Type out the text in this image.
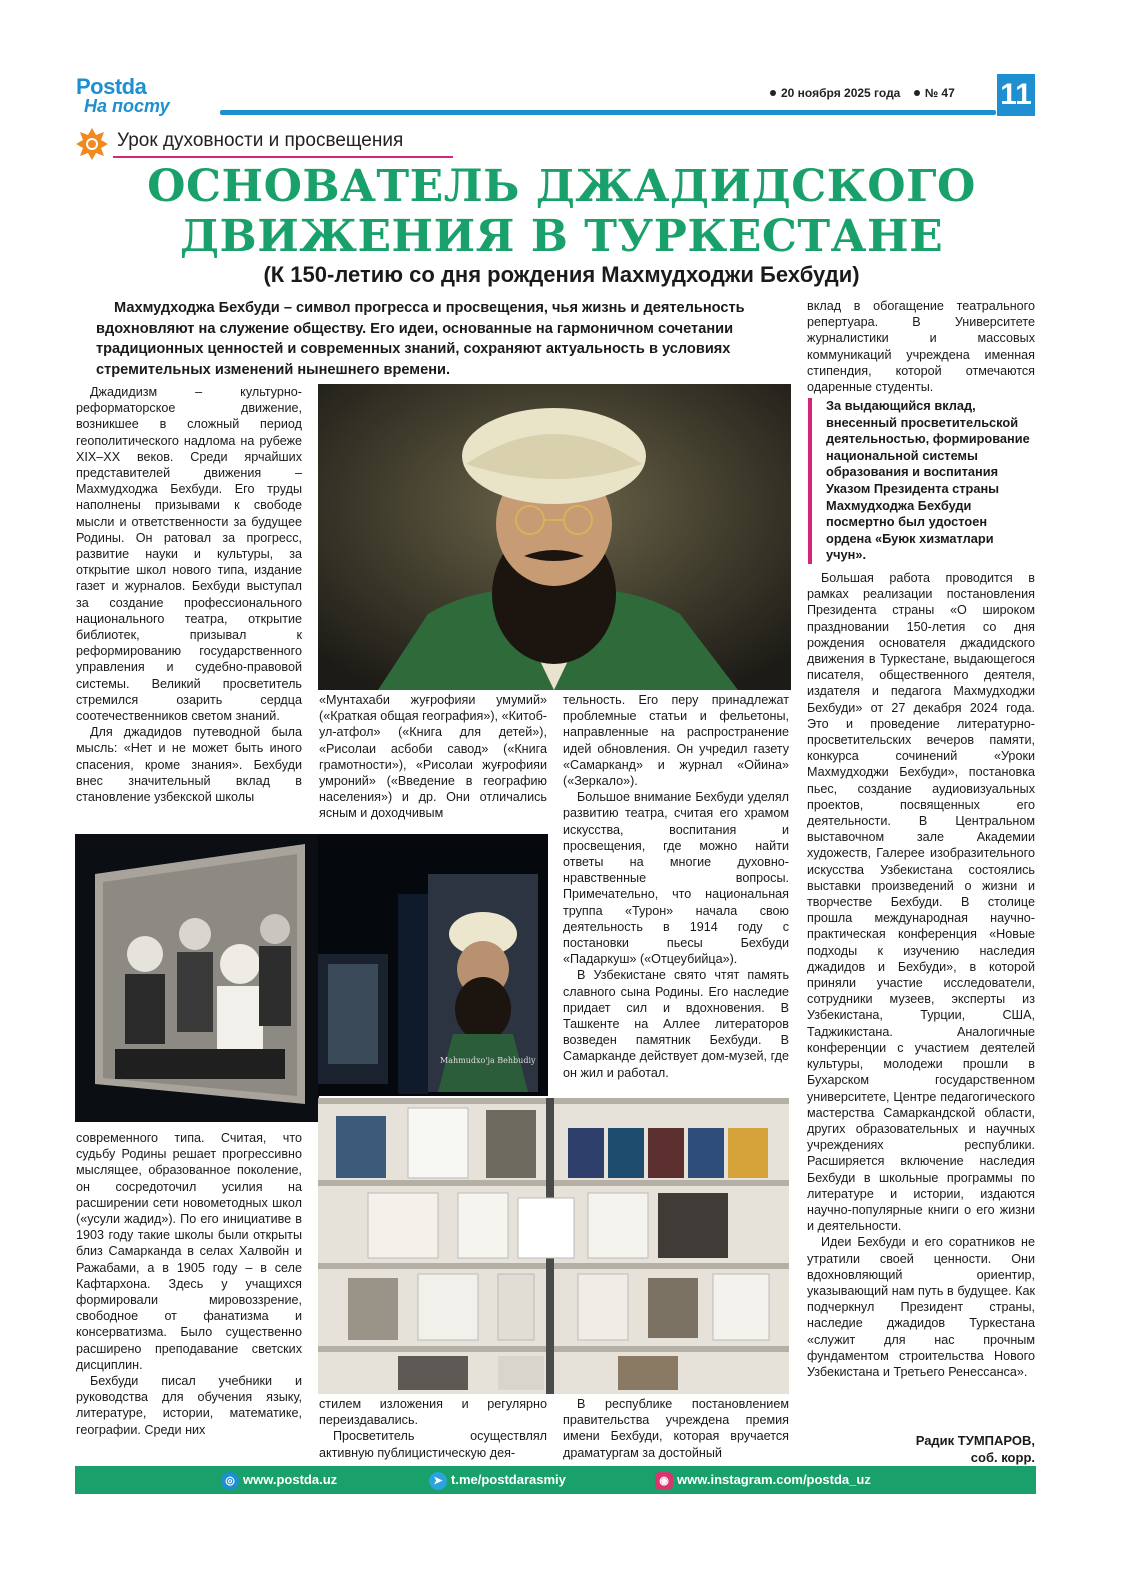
Postda
На посту
20 ноября 2025 года № 47 11
Урок духовности и просвещения
ОСНОВАТЕЛЬ ДЖАДИДСКОГО
ДВИЖЕНИЯ В ТУРКЕСТАНЕ
(К 150-летию со дня рождения Махмудходжи Бехбуди)
Махмудходжа Бехбуди – символ прогресса и просвещения, чья жизнь и деятельность вдохновляют на служение обществу. Его идеи, основанные на гармоничном сочетании традиционных ценностей и современных знаний, сохраняют актуальность в условиях стремительных изменений нынешнего времени.

Джадидизм – культурно-реформаторское движение, возникшее в сложный период геополитического надлома на рубеже XIX–XX веков. Среди ярчайших представителей движения – Махмудходжа Бехбуди. Его труды наполнены призывами к свободе мысли и ответственности за будущее Родины. Он ратовал за прогресс, развитие науки и культуры, за открытие школ нового типа, издание газет и журналов. Бехбуди выступал за создание профессионального национального театра, открытие библиотек, призывал к реформированию государственного управления и судебно-правовой системы. Великий просветитель стремился озарить сердца соотечественников светом знаний.

Для джадидов путеводной была мысль: «Нет и не может быть иного спасения, кроме знания». Бехбуди внес значительный вклад в становление узбекской школы

современного типа. Считая, что судьбу Родины решает прогрессивно мыслящее, образованное поколение, он сосредоточил усилия на расширении сети новометодных школ («усули жадид»). По его инициативе в 1903 году такие школы были открыты близ Самарканда в селах Халвойн и Ражабами, а в 1905 году – в селе Кафтархона. Здесь у учащихся формировали мировоззрение, свободное от фанатизма и консерватизма. Было существенно расширено преподавание светских дисциплин.

Бехбуди писал учебники и руководства для обучения языку, литературе, истории, математике, географии. Среди них

«Мунтахаби жуғрофияи умумий» («Краткая общая география»), «Китоб-ул-атфол» («Книга для детей»), «Рисолаи асбоби савод» («Книга грамотности»), «Рисолаи жуғрофияи умроний» («Введение в географию населения») и др. Они отличались ясным и доходчивым

стилем изложения и регулярно переиздавались.

Просветитель осуществлял активную публицистическую дея-

тельность. Его перу принадлежат проблемные статьи и фельетоны, направленные на распространение идей обновления. Он учредил газету «Самарканд» и журнал «Ойина» («Зеркало»).

Большое внимание Бехбуди уделял развитию театра, считая его храмом искусства, воспитания и просвещения, где можно найти ответы на многие духовно-нравственные вопросы. Примечательно, что национальная труппа «Турон» начала свою деятельность в 1914 году с постановки пьесы Бехбуди «Падаркуш» («Отцеубийца»).

В Узбекистане свято чтят память славного сына Родины. Его наследие придает сил и вдохновения. В Ташкенте на Аллее литераторов возведен памятник Бехбуди. В Самарканде действует дом-музей, где он жил и работал.

В республике постановлением правительства учреждена премия имени Бехбуди, которая вручается драматургам за достойный

вклад в обогащение театрального репертуара. В Университете журналистики и массовых коммуникаций учреждена именная стипендия, которой отмечаются одаренные студенты.

За выдающийся вклад, внесенный просветительской деятельностью, формирование национальной системы образования и воспитания Указом Президента страны Махмудходжа Бехбуди посмертно был удостоен ордена «Буюк хизматлари учун».

Большая работа проводится в рамках реализации постановления Президента страны «О широком праздновании 150-летия со дня рождения основателя джадидского движения в Туркестане, выдающегося писателя, общественного деятеля, издателя и педагога Махмудходжи Бехбуди» от 27 декабря 2024 года. Это и проведение литературно-просветительских вечеров памяти, конкурса сочинений «Уроки Махмудходжи Бехбуди», постановка пьес, создание аудиовизуальных проектов, посвященных его деятельности. В Центральном выставочном зале Академии художеств, Галерее изобразительного искусства Узбекистана состоялись выставки произведений о жизни и творчестве Бехбуди. В столице прошла международная научно-практическая конференция «Новые подходы к изучению наследия джадидов и Бехбуди», в которой приняли участие исследователи, сотрудники музеев, эксперты из Узбекистана, Турции, США, Таджикистана. Аналогичные конференции с участием деятелей культуры, молодежи прошли в Бухарском государственном университете, Центре педагогического мастерства Самаркандской области, других образовательных и научных учреждениях республики. Расширяется включение наследия Бехбуди в школьные программы по литературе и истории, издаются научно-популярные книги о его жизни и деятельности.

Идеи Бехбуди и его соратников не утратили своей ценности. Они вдохновляющий ориентир, указывающий нам путь в будущее. Как подчеркнул Президент страны, наследие джадидов Туркестана «служит для нас прочным фундаментом строительства Нового Узбекистана и Третьего Ренессанса».

Радик ТУМПАРОВ,
соб. корр.
Mahmudxo'ja Behbudiy
◎ www.postda.uz	➤ t.me/postdarasmiy	◉ www.instagram.com/postda_uz
